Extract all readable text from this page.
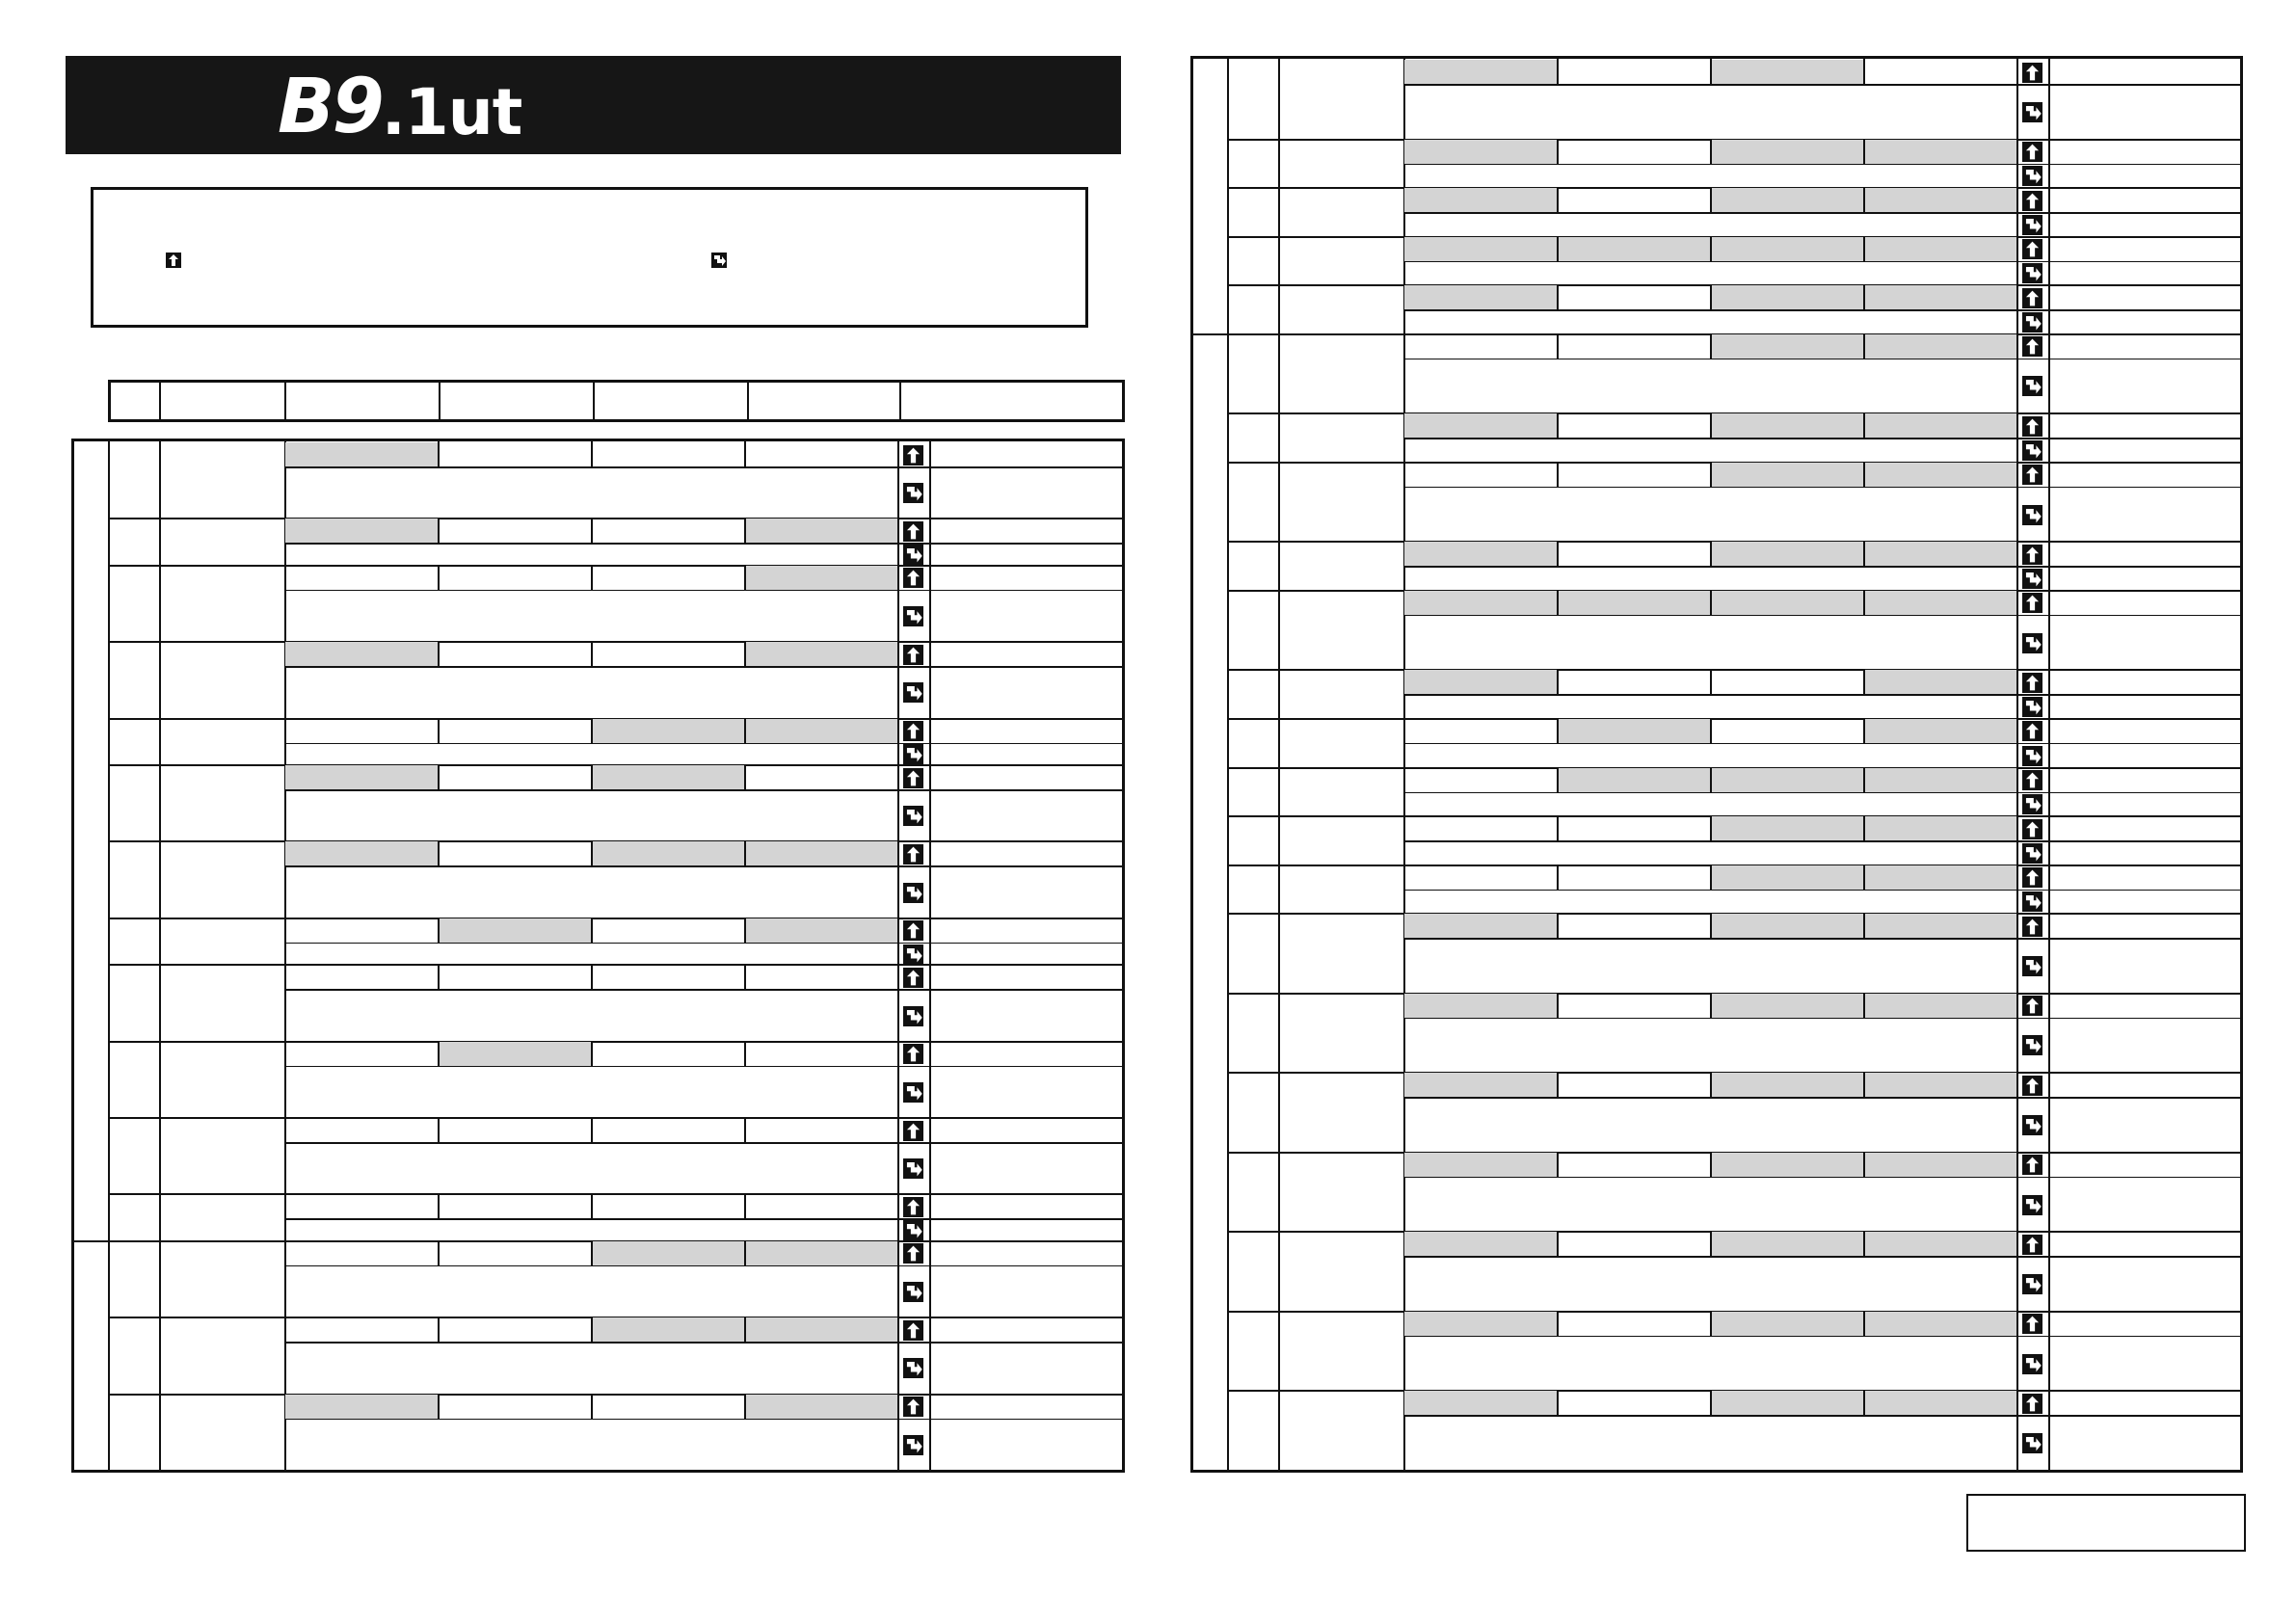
B9 .1ut
